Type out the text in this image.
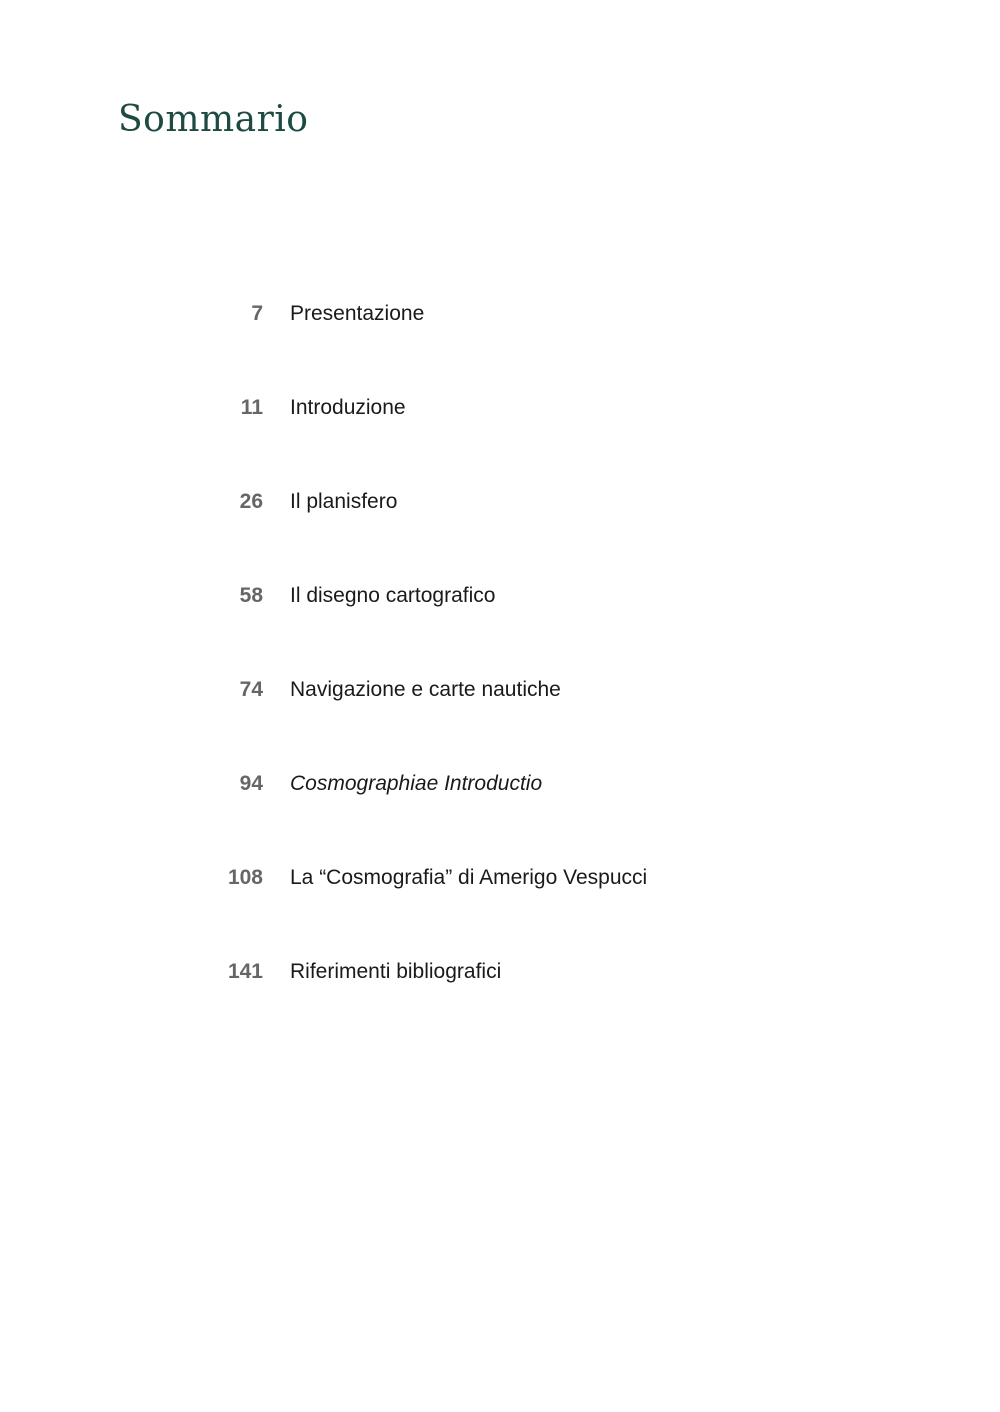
Sommario
7 Presentazione
11 Introduzione
26 Il planisfero
58 Il disegno cartografico
74 Navigazione e carte nautiche
94 Cosmographiae Introductio
108 La “Cosmografia” di Amerigo Vespucci
141 Riferimenti bibliografici
